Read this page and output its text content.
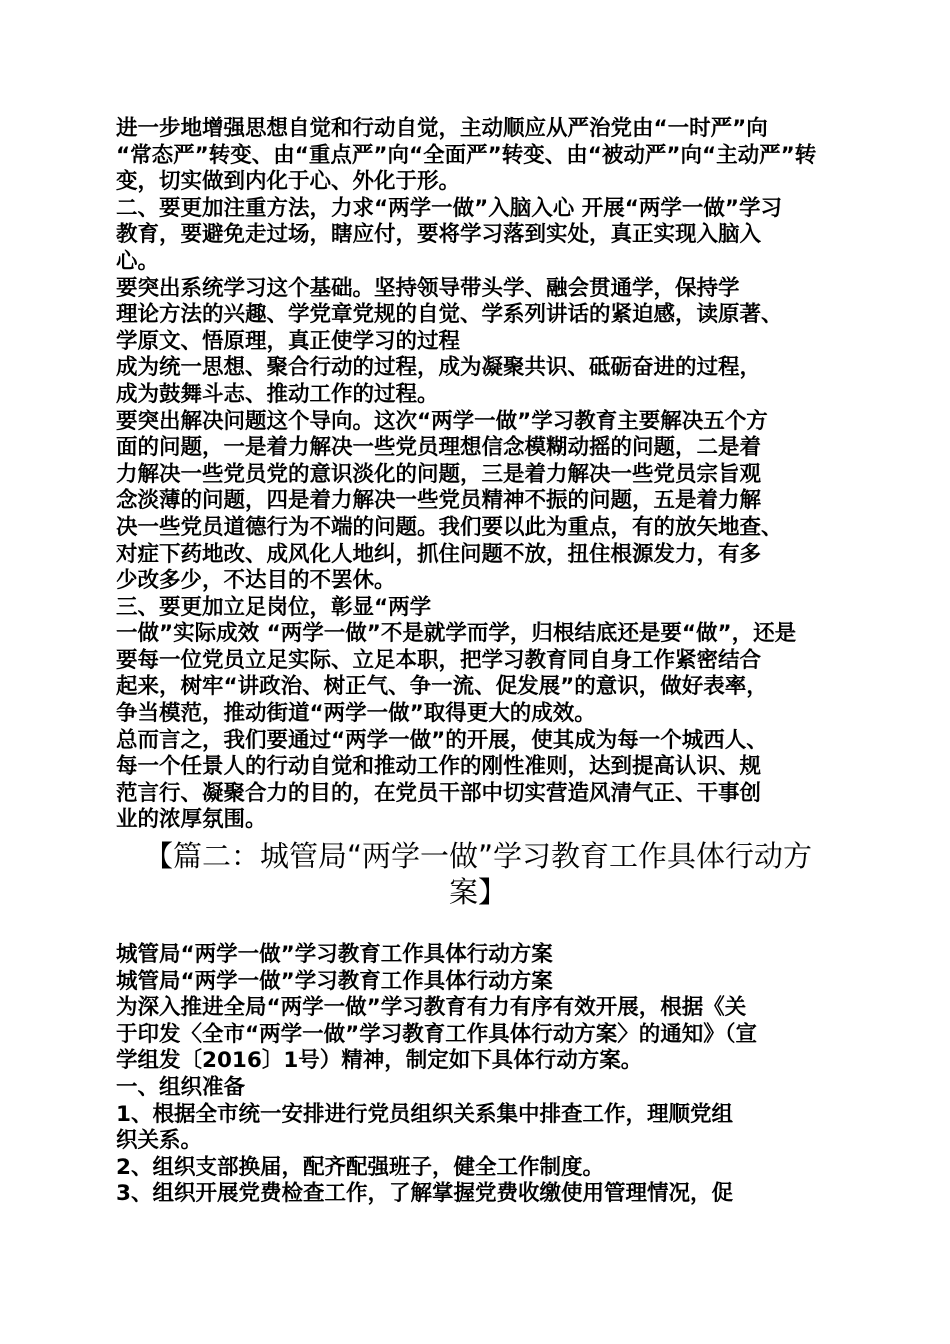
进一步地增强思想自觉和行动自觉，主动顺应从严治党由“一时严”向
“常态严”转变、由“重点严”向“全面严”转变、由“被动严”向“主动严”转
变，切实做到内化于心、外化于形。
二、要更加注重方法，力求“两学一做”入脑入心 开展“两学一做”学习
教育，要避免走过场，瞎应付，要将学习落到实处，真正实现入脑入
心。
要突出系统学习这个基础。坚持领导带头学、融会贯通学，保持学
理论方法的兴趣、学党章党规的自觉、学系列讲话的紧迫感，读原著、
学原文、悟原理，真正使学习的过程
成为统一思想、聚合行动的过程，成为凝聚共识、砥砺奋进的过程，
成为鼓舞斗志、推动工作的过程。
要突出解决问题这个导向。这次“两学一做”学习教育主要解决五个方
面的问题，一是着力解决一些党员理想信念模糊动摇的问题，二是着
力解决一些党员党的意识淡化的问题，三是着力解决一些党员宗旨观
念淡薄的问题，四是着力解决一些党员精神不振的问题，五是着力解
决一些党员道德行为不端的问题。我们要以此为重点，有的放矢地查、
对症下药地改、成风化人地纠，抓住问题不放，扭住根源发力，有多
少改多少，不达目的不罢休。
三、要更加立足岗位，彰显“两学
一做”实际成效 “两学一做”不是就学而学，归根结底还是要“做”，还是
要每一位党员立足实际、立足本职，把学习教育同自身工作紧密结合
起来，树牢“讲政治、树正气、争一流、促发展”的意识，做好表率，
争当模范，推动街道“两学一做”取得更大的成效。
总而言之，我们要通过“两学一做”的开展，使其成为每一个城西人、
每一个任景人的行动自觉和推动工作的刚性准则，达到提高认识、规
范言行、凝聚合力的目的，在党员干部中切实营造风清气正、干事创
业的浓厚氛围。
【篇二：城管局“两学一做”学习教育工作具体行动方
案】
城管局“两学一做”学习教育工作具体行动方案
城管局“两学一做”学习教育工作具体行动方案
为深入推进全局“两学一做”学习教育有力有序有效开展，根据《关
于印发〈全市“两学一做”学习教育工作具体行动方案〉的通知》（宣
学组发〔2016〕1号）精神，制定如下具体行动方案。
一、组织准备
1、根据全市统一安排进行党员组织关系集中排查工作，理顺党组
织关系。
2、组织支部换届，配齐配强班子，健全工作制度。
3、组织开展党费检查工作，了解掌握党费收缴使用管理情况，促
